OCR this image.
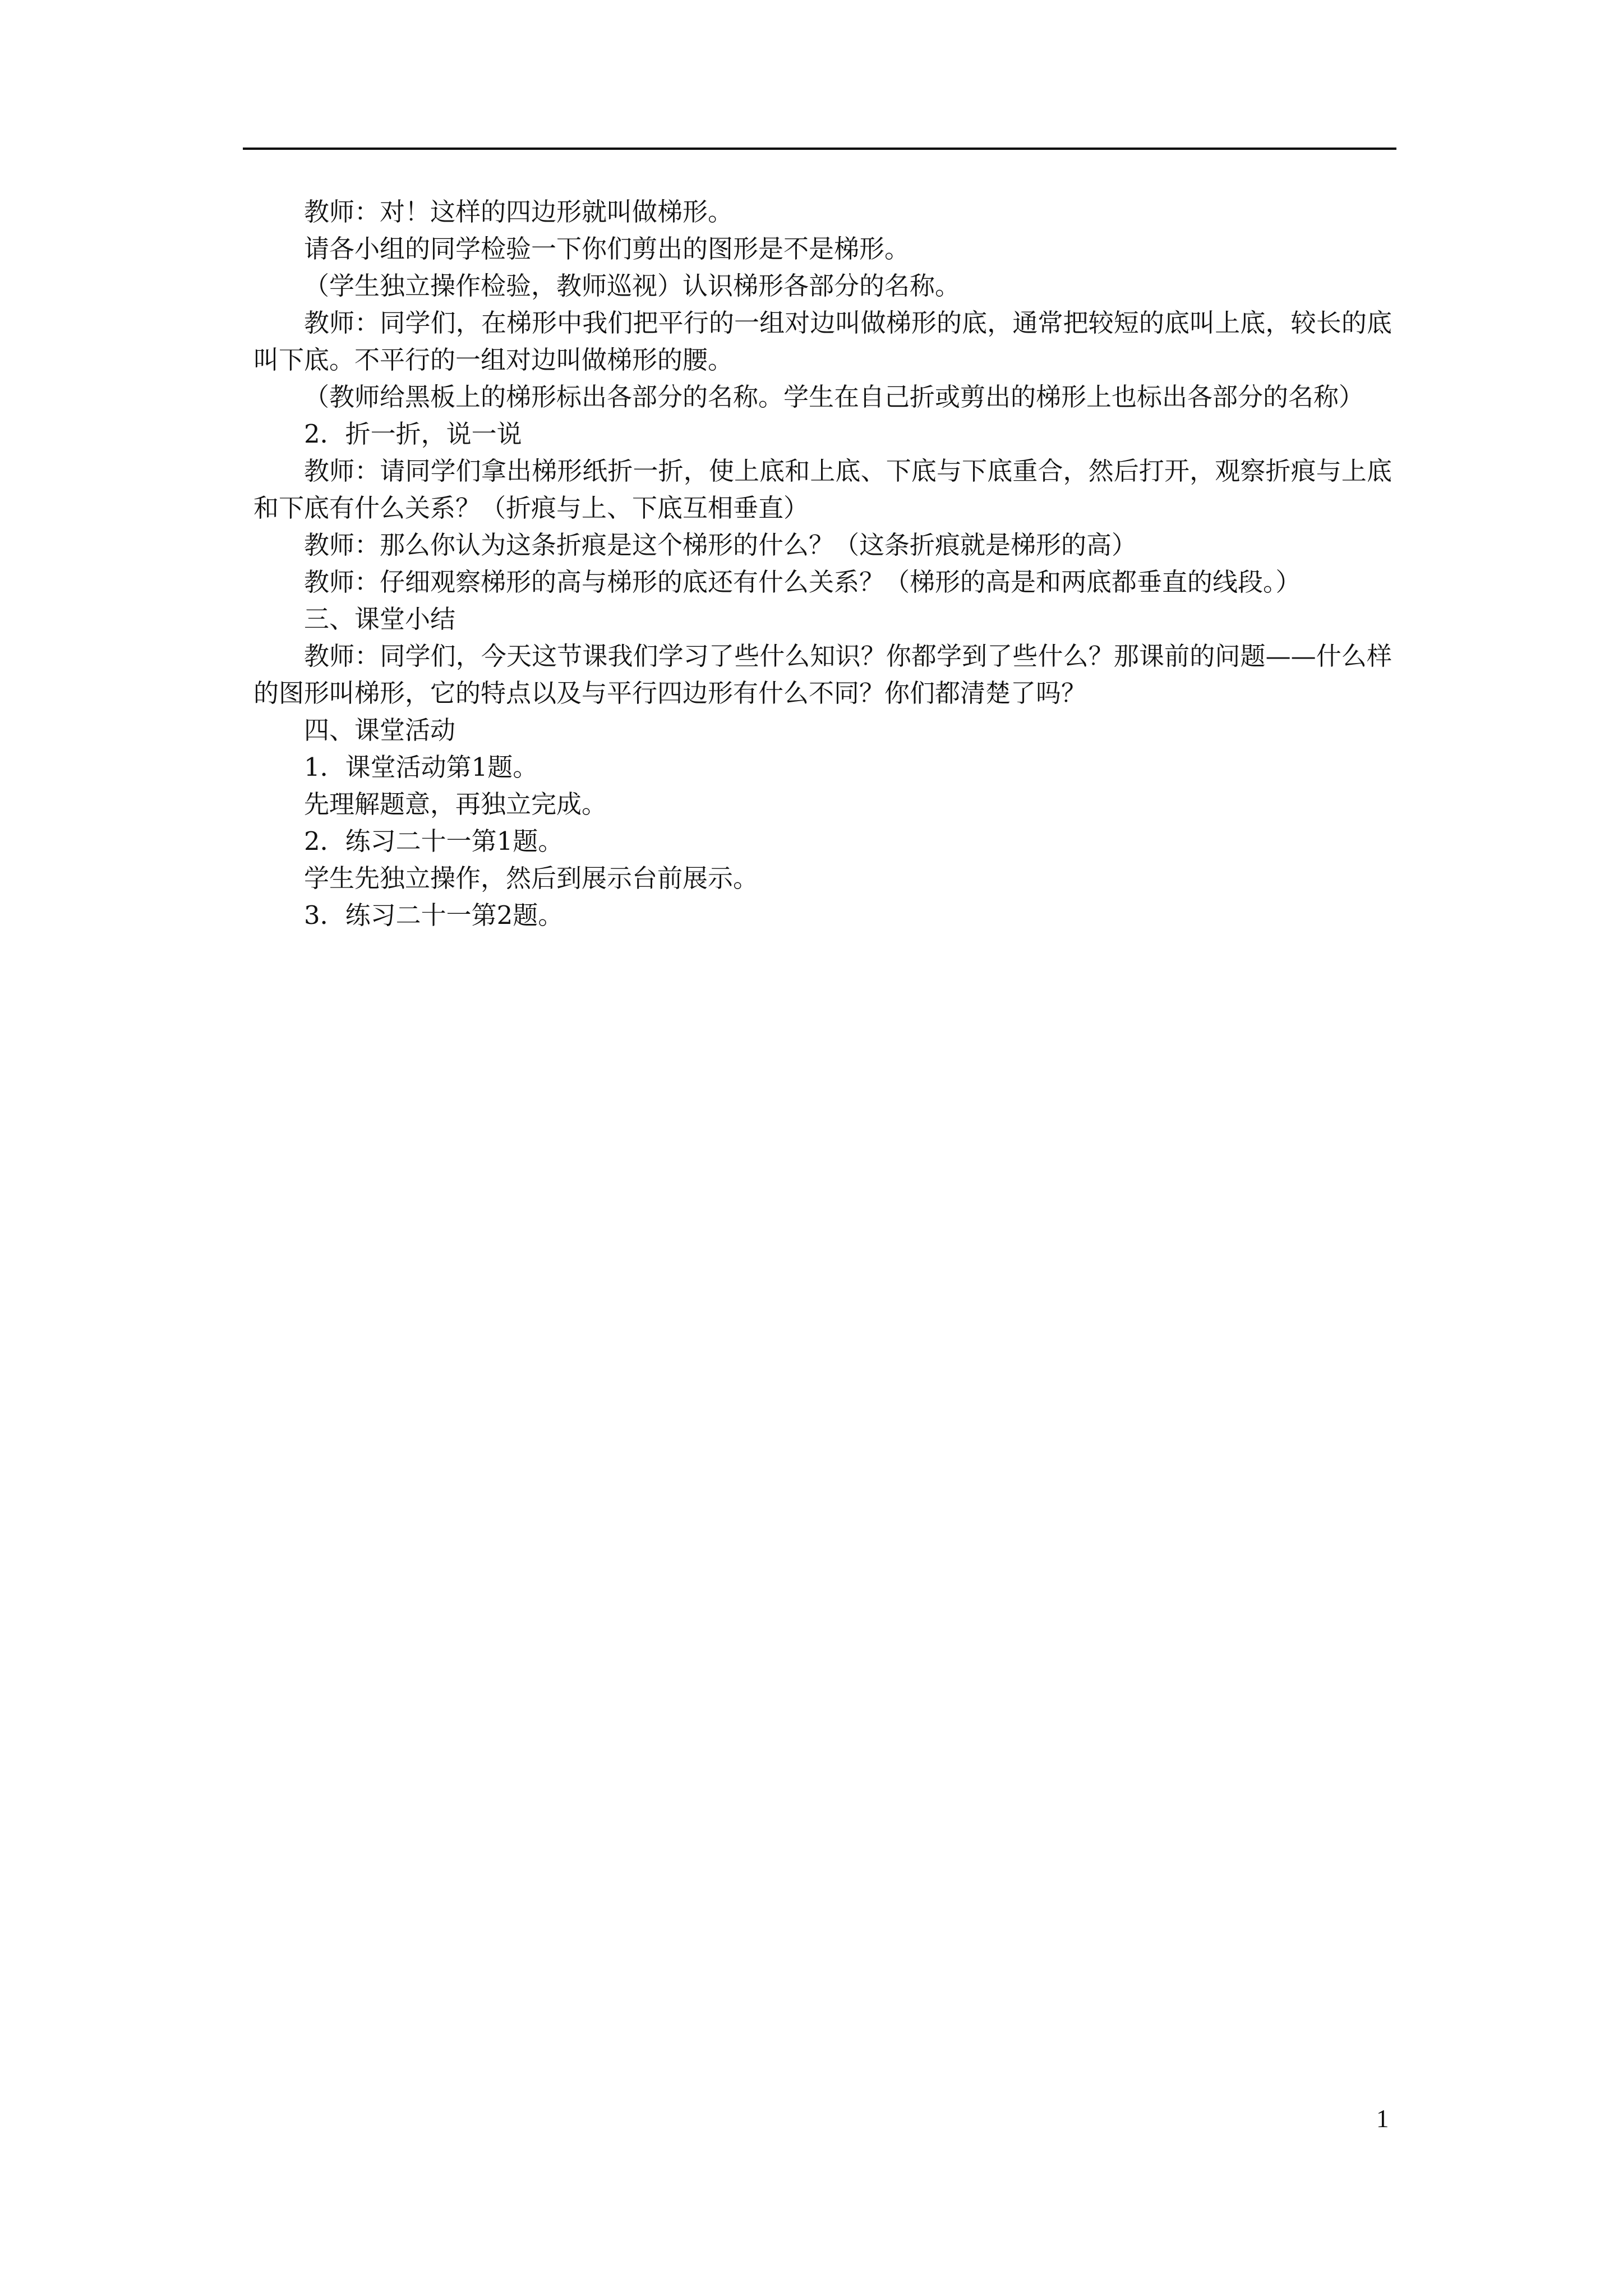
教师：对！这样的四边形就叫做梯形。

请各小组的同学检验一下你们剪出的图形是不是梯形。

（学生独立操作检验，教师巡视）认识梯形各部分的名称。

教师：同学们，在梯形中我们把平行的一组对边叫做梯形的底，通常把较短的底叫上底，较长的底叫下底。不平行的一组对边叫做梯形的腰。

（教师给黑板上的梯形标出各部分的名称。学生在自己折或剪出的梯形上也标出各部分的名称）

2．折一折，说一说

教师：请同学们拿出梯形纸折一折，使上底和上底、下底与下底重合，然后打开，观察折痕与上底和下底有什么关系？（折痕与上、下底互相垂直）

教师：那么你认为这条折痕是这个梯形的什么？（这条折痕就是梯形的高）

教师：仔细观察梯形的高与梯形的底还有什么关系？（梯形的高是和两底都垂直的线段。）

三、课堂小结

教师：同学们，今天这节课我们学习了些什么知识？你都学到了些什么？那课前的问题——什么样的图形叫梯形，它的特点以及与平行四边形有什么不同？你们都清楚了吗？

四、课堂活动

1．课堂活动第1题。

先理解题意，再独立完成。

2．练习二十一第1题。

学生先独立操作，然后到展示台前展示。

3．练习二十一第2题。

1
